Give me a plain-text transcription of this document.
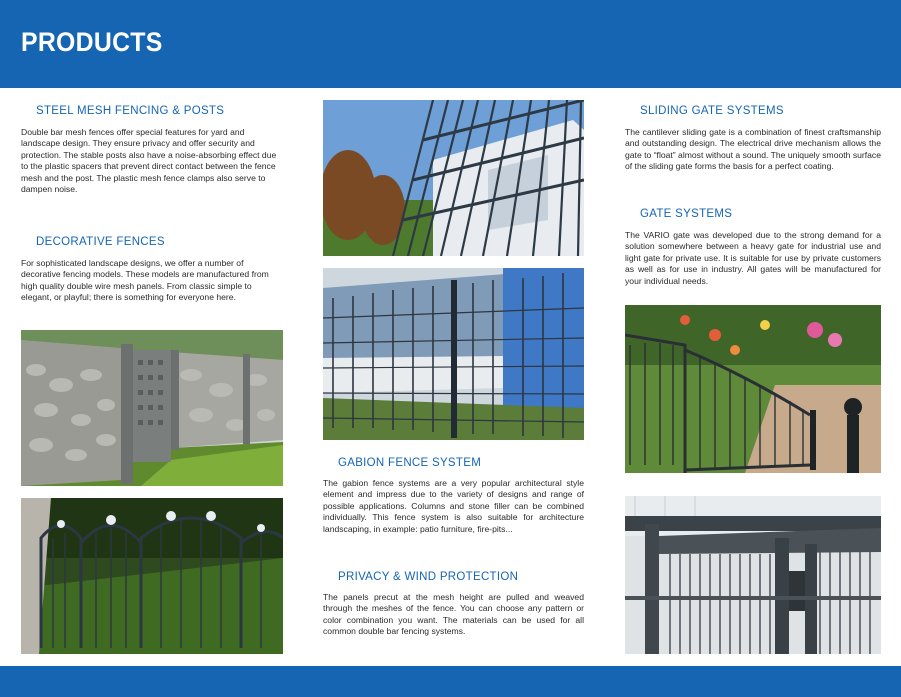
PRODUCTS
STEEL MESH FENCING & POSTS

Double bar mesh fences offer special features for yard and landscape design. They ensure privacy and offer security and protection. The stable posts also have a noise-absorbing effect due to the plastic spacers that prevent direct contact between the fence mesh and the post. The plastic mesh fence clamps also serve to dampen noise.

DECORATIVE FENCES

For sophisticated landscape designs, we offer a number of decorative fencing models. These models are manufactured from high quality double wire mesh panels. From classic simple to elegant, or playful; there is something for everyone here.

GABION FENCE SYSTEM

The gabion fence systems are a very popular architectural style element and impress due to the variety of designs and range of possible applications. Columns and stone filler can be combined individually. This fence system is also suitable for architecture landscaping, in example: patio furniture, fire-pits...

PRIVACY & WIND PROTECTION

The panels precut at the mesh height are pulled and weaved through the meshes of the fence. You can choose any pattern or color combination you want. The materials can be used for all common double bar fencing systems.

SLIDING GATE SYSTEMS

The cantilever sliding gate is a combination of finest craftsmanship and outstanding design. The electrical drive mechanism allows the gate to “float” almost without a sound. The uniquely smooth surface of the sliding gate forms the basis for a perfect coating.

GATE SYSTEMS

The VARIO gate was developed due to the strong demand for a solution somewhere between a heavy gate for industrial use and light gate for private use. It is suitable for use by private customers as well as for use in industry. All gates will be manufactured for your individual needs.
